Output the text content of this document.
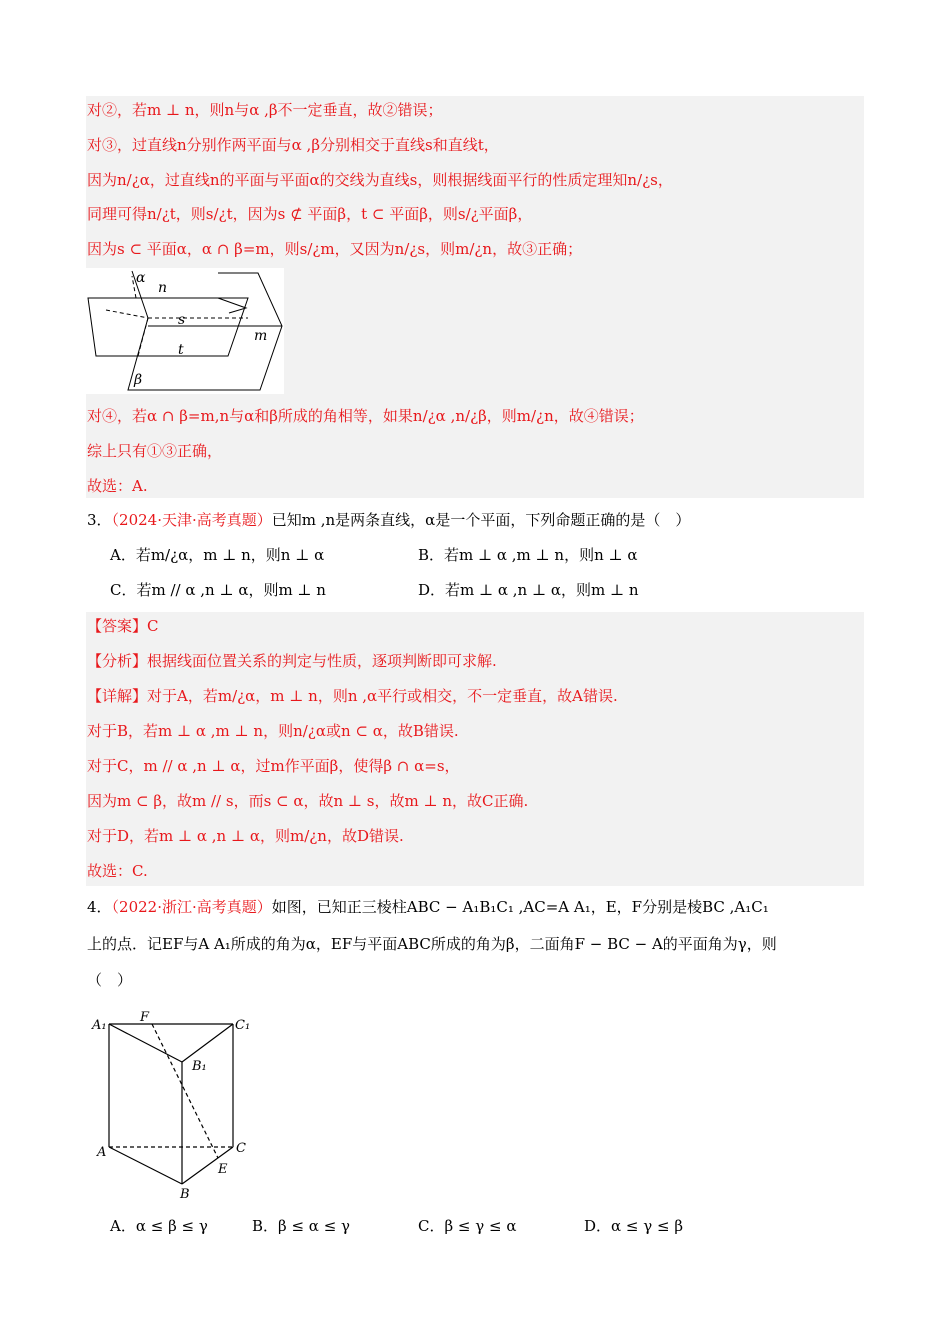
对②，若m ⊥ n，则n与α ,β不一定垂直，故②错误；
对③，过直线n分别作两平面与α ,β分别相交于直线s和直线t，
因为n/¿α，过直线n的平面与平面α的交线为直线s，则根据线面平行的性质定理知n/¿s，
同理可得n/¿t，则s/¿t，因为s ⊄ 平面β，t ⊂ 平面β，则s/¿平面β，
因为s ⊂ 平面α，α ∩ β=m，则s/¿m，又因为n/¿s，则m/¿n，故③正确；
α
n
s
m
t
β
对④，若α ∩ β=m,n与α和β所成的角相等，如果n/¿α ,n/¿β，则m/¿n，故④错误；
综上只有①③正确，
故选：A.
3．（2024·天津·高考真题）已知m ,n是两条直线，α是一个平面，下列命题正确的是（　）
A．若m/¿α，m ⊥ n，则n ⊥ α	B．若m ⊥ α ,m ⊥ n，则n ⊥ α
C．若m // α ,n ⊥ α，则m ⊥ n	D．若m ⊥ α ,n ⊥ α，则m ⊥ n
【答案】C
【分析】根据线面位置关系的判定与性质，逐项判断即可求解.
【详解】对于A，若m/¿α，m ⊥ n，则n ,α平行或相交，不一定垂直，故A错误.
对于B，若m ⊥ α ,m ⊥ n，则n/¿α或n ⊂ α，故B错误.
对于C，m // α ,n ⊥ α，过m作平面β，使得β ∩ α=s，
因为m ⊂ β，故m // s，而s ⊂ α，故n ⊥ s，故m ⊥ n，故C正确.
对于D，若m ⊥ α ,n ⊥ α，则m/¿n，故D错误.
故选：C.
4．（2022·浙江·高考真题）如图，已知正三棱柱ABC − A₁B₁C₁ ,AC=A A₁，E，F分别是棱BC ,A₁C₁
上的点．记EF与A A₁所成的角为α，EF与平面ABC所成的角为β，二面角F − BC − A的平面角为γ，则
（　）
A₁
F
C₁
B₁
A	C
E
B
A．α ≤ β ≤ γ	B．β ≤ α ≤ γ	C．β ≤ γ ≤ α	D．α ≤ γ ≤ β
